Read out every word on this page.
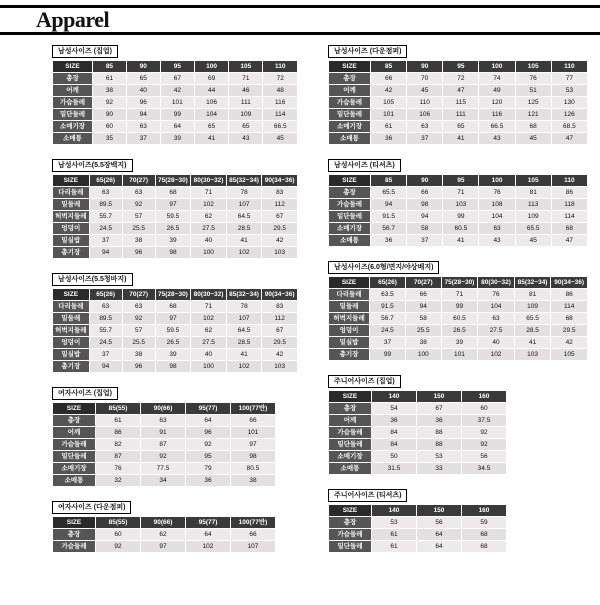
Apparel
남성사이즈 (집업)
SIZE	85	90	95	100	105	110
총장	61	65	67	69	71	72
어깨	38	40	42	44	46	48
가슴둘레	92	96	101	106	111	116
밑단둘레	90	94	99	104	109	114
소매기장	60	63	64	65	65	66.5
소매통	35	37	39	41	43	45
남성사이즈(5.5장백지)
SIZE	65(26)	70(27)	75(28~30)	80(30~32)	85(32~34)	90(34~36)
다리둘레	63	63	68	71	78	83
밑둘레	89.5	92	97	102	107	112
허벅지둘레	55.7	57	59.5	62	64.5	67
엉덩이	24.5	25.5	26.5	27.5	28.5	29.5
밑실밥	37	38	39	40	41	42
총기장	94	96	98	100	102	103
남성사이즈(5.5청바지)
SIZE	65(26)	70(27)	75(28~30)	80(30~32)	85(32~34)	90(34~36)
다리둘레	63	63	68	71	78	83
밑둘레	89.5	92	97	102	107	112
허벅지둘레	55.7	57	59.5	62	64.5	67
엉덩이	24.5	25.5	26.5	27.5	28.5	29.5
밑실밥	37	38	39	40	41	42
총기장	94	96	98	100	102	103
여자사이즈 (집업)
SIZE	85(55)	90(66)	95(77)	100(77반)
총장	61	63	64	66
어깨	86	91	96	101
가슴둘레	82	87	92	97
밑단둘레	87	92	95	98
소매기장	76	77.5	79	80.5
소매통	32	34	36	38
여자사이즈 (다운점퍼)
SIZE	85(55)	90(66)	95(77)	100(77반)
총장	60	62	64	66
가슴둘레	92	97	102	107
남성사이즈 (다운점퍼)
SIZE	85	90	95	100	105	110
총장	66	70	72	74	76	77
어깨	42	45	47	49	51	53
가슴둘레	105	110	115	120	125	130
밑단둘레	101	106	111	116	121	126
소매기장	61	63	65	66.5	68	68.5
소매통	36	37	41	43	45	47
남성사이즈 (티셔츠)
SIZE	85	90	95	100	105	110
총장	65.5	66	71	76	81	86
가슴둘레	94	98	103	108	113	118
밑단둘레	91.5	94	99	104	109	114
소매기장	56.7	58	60.5	63	65.5	68
소매통	36	37	41	43	45	47
남성사이즈(6.0형/면지/야상배지)
SIZE	65(26)	70(27)	75(28~30)	80(30~32)	85(32~34)	90(34~36)
다리둘레	63.5	66	71	76	81	86
밑둘레	91.5	94	99	104	109	114
허벅지둘레	56.7	58	60.5	63	65.5	68
엉덩이	24.5	25.5	26.5	27.5	28.5	29.5
밑실밥	37	38	39	40	41	42
총기장	99	100	101	102	103	105
주니어사이즈 (집업)
SIZE	140	150	160
총장	54	67	60
어깨	36	36	37.5
가슴둘레	84	88	92
밑단둘레	84	88	92
소매기장	50	53	56
소매통	31.5	33	34.5
주니어사이즈 (티셔츠)
SIZE	140	150	160
총장	53	56	59
가슴둘레	61	64	68
밑단둘레	61	64	68
